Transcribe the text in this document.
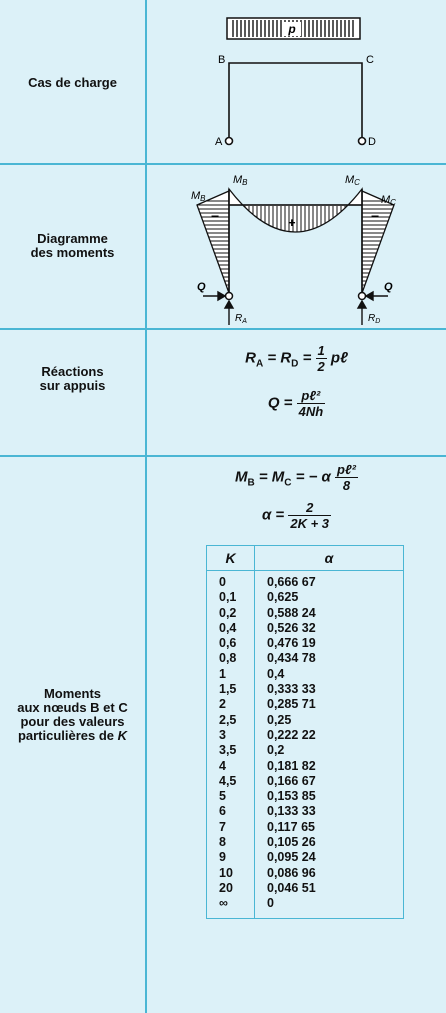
Cas de charge
p
B	C
A	D
Diagramme
des moments
−	−
+
MB
MB
MC
MC
Q	Q
$R_A$	$R_D$
Réactions
sur appuis
$R_A = R_D = \frac{1}{2}$ pℓ
$Q = \frac{\text{pℓ²}}{4Nh}$
Moments
aux nœuds B et C
pour des valeurs
particulières de K
$M_B = M_C$ = − α $\frac{\text{pℓ²}}{8}$
$\alpha = \frac{2}{2K + 3}$
K	α
0	0,666 67
0,1	0,625
0,2	0,588 24
0,4	0,526 32
0,6	0,476 19
0,8	0,434 78
1	0,4
1,5	0,333 33
2	0,285 71
2,5	0,25
3	0,222 22
3,5	0,2
4	0,181 82
4,5	0,166 67
5	0,153 85
6	0,133 33
7	0,117 65
8	0,105 26
9	0,095 24
10	0,086 96
20	0,046 51
∞	0
